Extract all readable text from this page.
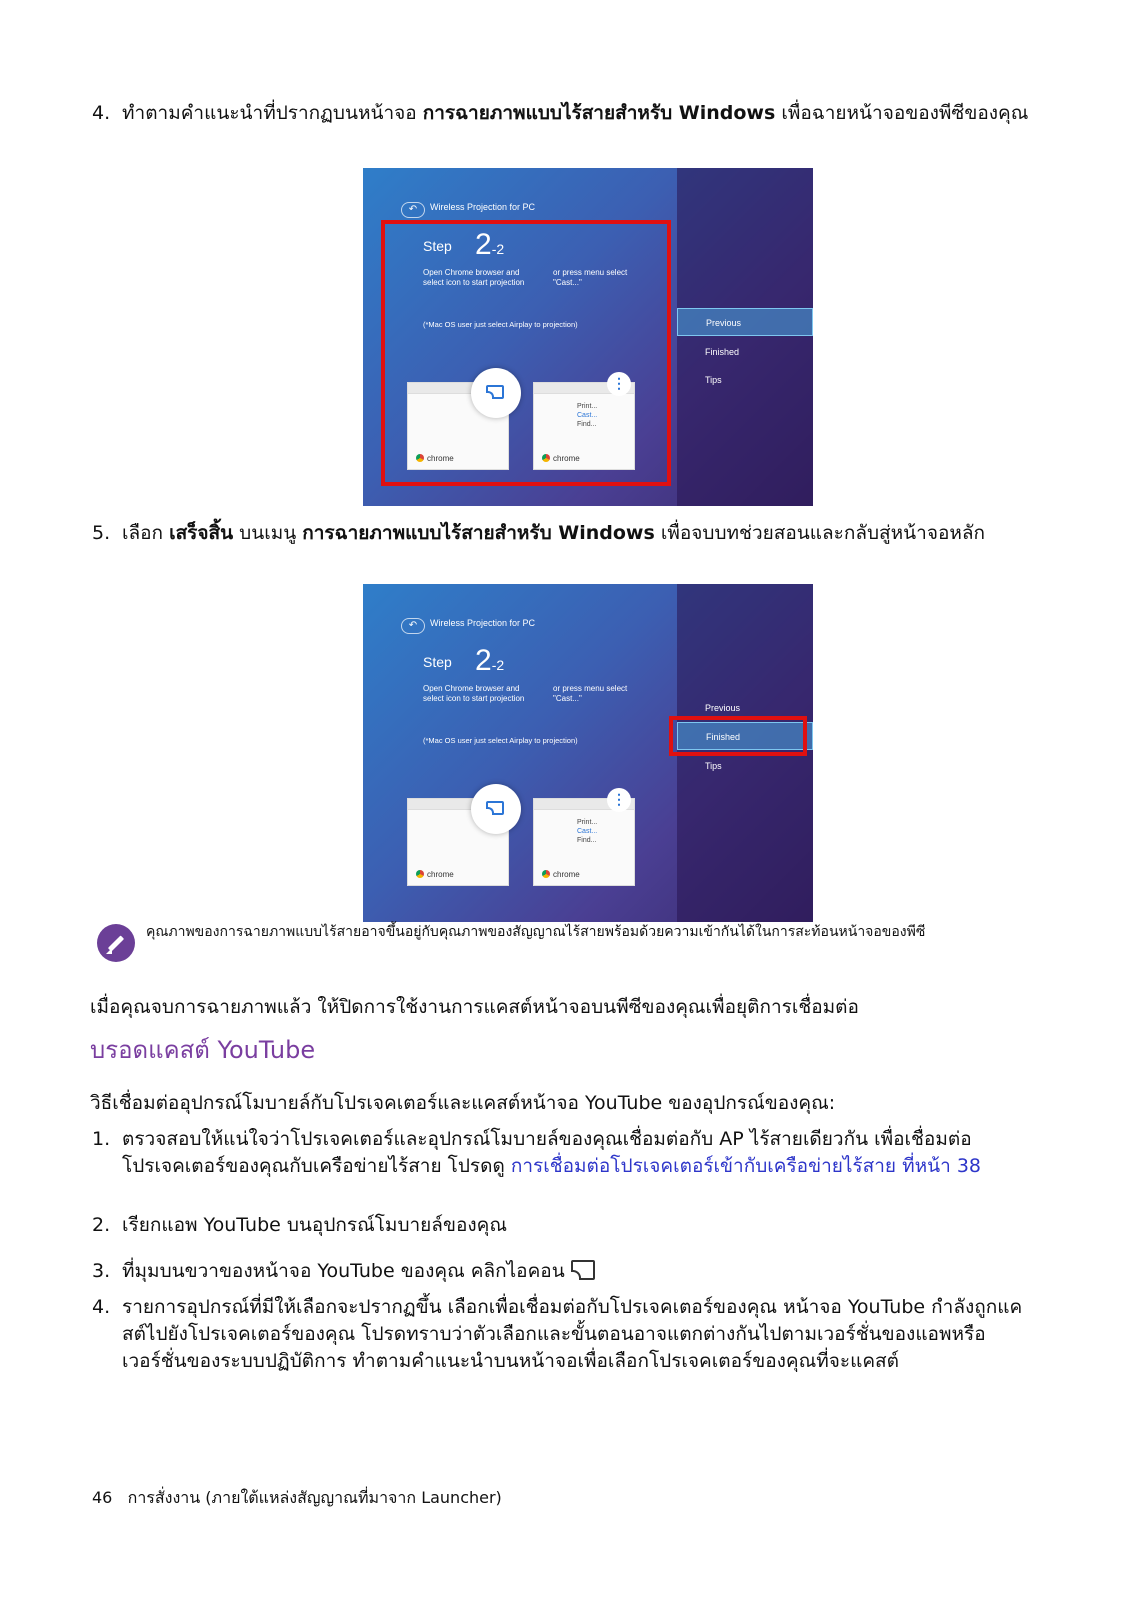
4. ทำตามคำแนะนำที่ปรากฏบนหน้าจอ การฉายภาพแบบไร้สายสำหรับ Windows เพื่อฉายหน้าจอของพีซีของคุณ
↶	Wireless Projection for PC
Step 2-2
Open Chrome browser and select icon to start projection
or press menu select "Cast..."
(*Mac OS user just select Airplay to projection)	Previous
Finished
Tips
chrome	chrome
⋮
Print...
Cast...
Find...
5. เลือก เสร็จสิ้น บนเมนู การฉายภาพแบบไร้สายสำหรับ Windows เพื่อจบบทช่วยสอนและกลับสู่หน้าจอหลัก
↶	Wireless Projection for PC
Step 2-2
Open Chrome browser and select icon to start projection
or press menu select "Cast..."
(*Mac OS user just select Airplay to projection)
Previous
Finished
Tips
chrome	chrome
⋮
Print...
Cast...
Find...
คุณภาพของการฉายภาพแบบไร้สายอาจขึ้นอยู่กับคุณภาพของสัญญาณไร้สายพร้อมด้วยความเข้ากันได้ในการสะท้อนหน้าจอของพีซี
เมื่อคุณจบการฉายภาพแล้ว ให้ปิดการใช้งานการแคสต์หน้าจอบนพีซีของคุณเพื่อยุติการเชื่อมต่อ
บรอดแคสต์ YouTube
วิธีเชื่อมต่ออุปกรณ์โมบายล์กับโปรเจคเตอร์และแคสต์หน้าจอ YouTube ของอุปกรณ์ของคุณ:
1. ตรวจสอบให้แน่ใจว่าโปรเจคเตอร์และอุปกรณ์โมบายล์ของคุณเชื่อมต่อกับ AP ไร้สายเดียวกัน เพื่อเชื่อมต่อโปรเจคเตอร์ของคุณกับเครือข่ายไร้สาย โปรดดู การเชื่อมต่อโปรเจคเตอร์เข้ากับเครือข่ายไร้สาย ที่หน้า 38
2. เรียกแอพ YouTube บนอุปกรณ์โมบายล์ของคุณ
3. ที่มุมบนขวาของหน้าจอ YouTube ของคุณ คลิกไอคอน
4. รายการอุปกรณ์ที่มีให้เลือกจะปรากฏขึ้น เลือกเพื่อเชื่อมต่อกับโปรเจคเตอร์ของคุณ หน้าจอ YouTube กำลังถูกแคสต์ไปยังโปรเจคเตอร์ของคุณ โปรดทราบว่าตัวเลือกและขั้นตอนอาจแตกต่างกันไปตามเวอร์ชั่นของแอพหรือเวอร์ชั่นของระบบปฏิบัติการ ทำตามคำแนะนำบนหน้าจอเพื่อเลือกโปรเจคเตอร์ของคุณที่จะแคสต์
46 การสั่งงาน (ภายใต้แหล่งสัญญาณที่มาจาก Launcher)
